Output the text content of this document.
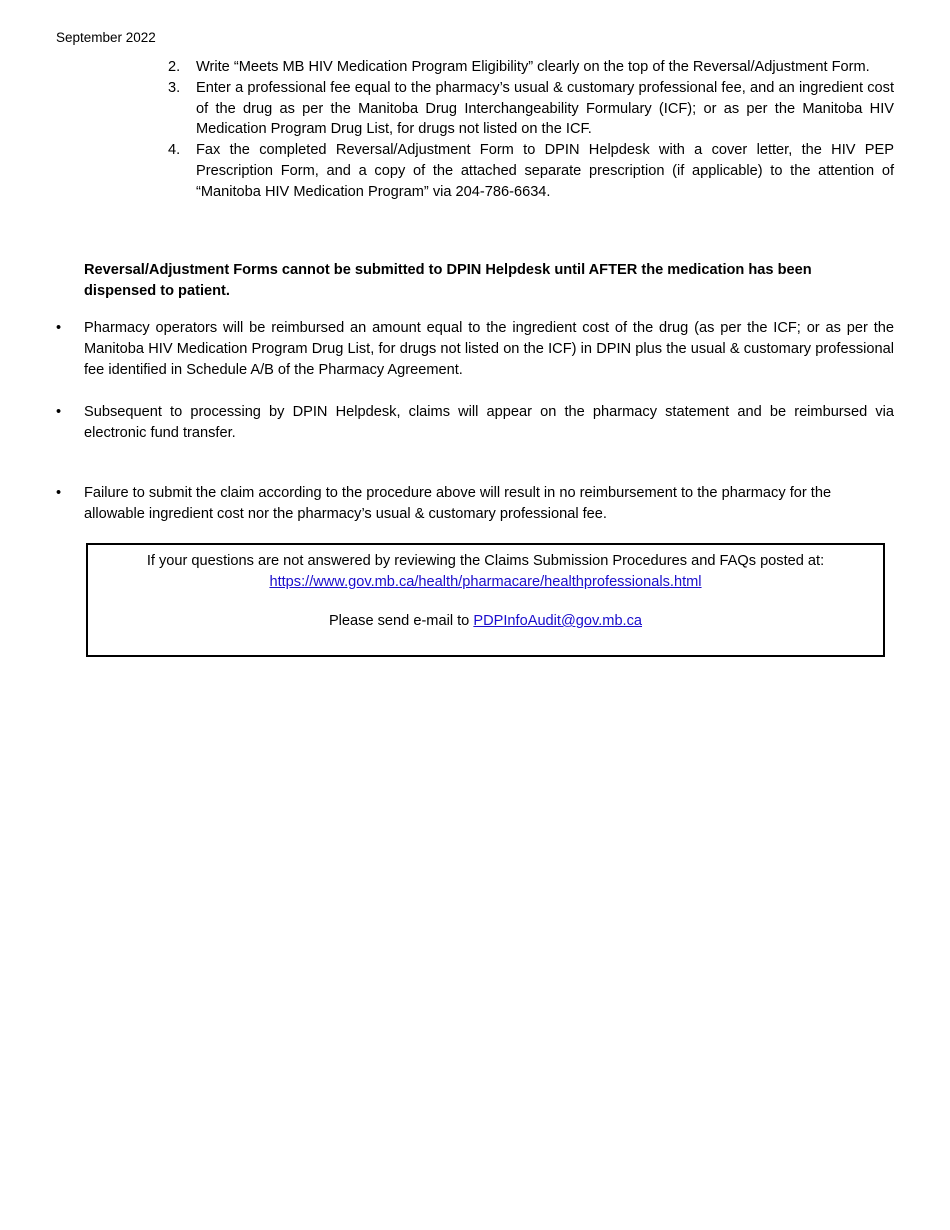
September 2022
2. Write “Meets MB HIV Medication Program Eligibility” clearly on the top of the Reversal/Adjustment Form.
3. Enter a professional fee equal to the pharmacy’s usual & customary professional fee, and an ingredient cost of the drug as per the Manitoba Drug Interchangeability Formulary (ICF); or as per the Manitoba HIV Medication Program Drug List, for drugs not listed on the ICF.
4. Fax the completed Reversal/Adjustment Form to DPIN Helpdesk with a cover letter, the HIV PEP Prescription Form, and a copy of the attached separate prescription (if applicable) to the attention of “Manitoba HIV Medication Program” via 204-786-6634.
Reversal/Adjustment Forms cannot be submitted to DPIN Helpdesk until AFTER the medication has been dispensed to patient.
• Pharmacy operators will be reimbursed an amount equal to the ingredient cost of the drug (as per the ICF; or as per the Manitoba HIV Medication Program Drug List, for drugs not listed on the ICF) in DPIN plus the usual & customary professional fee identified in Schedule A/B of the Pharmacy Agreement.
• Subsequent to processing by DPIN Helpdesk, claims will appear on the pharmacy statement and be reimbursed via electronic fund transfer.
• Failure to submit the claim according to the procedure above will result in no reimbursement to the pharmacy for the allowable ingredient cost nor the pharmacy’s usual & customary professional fee.
If your questions are not answered by reviewing the Claims Submission Procedures and FAQs posted at:
https://www.gov.mb.ca/health/pharmacare/healthprofessionals.html
Please send e-mail to PDPInfoAudit@gov.mb.ca
